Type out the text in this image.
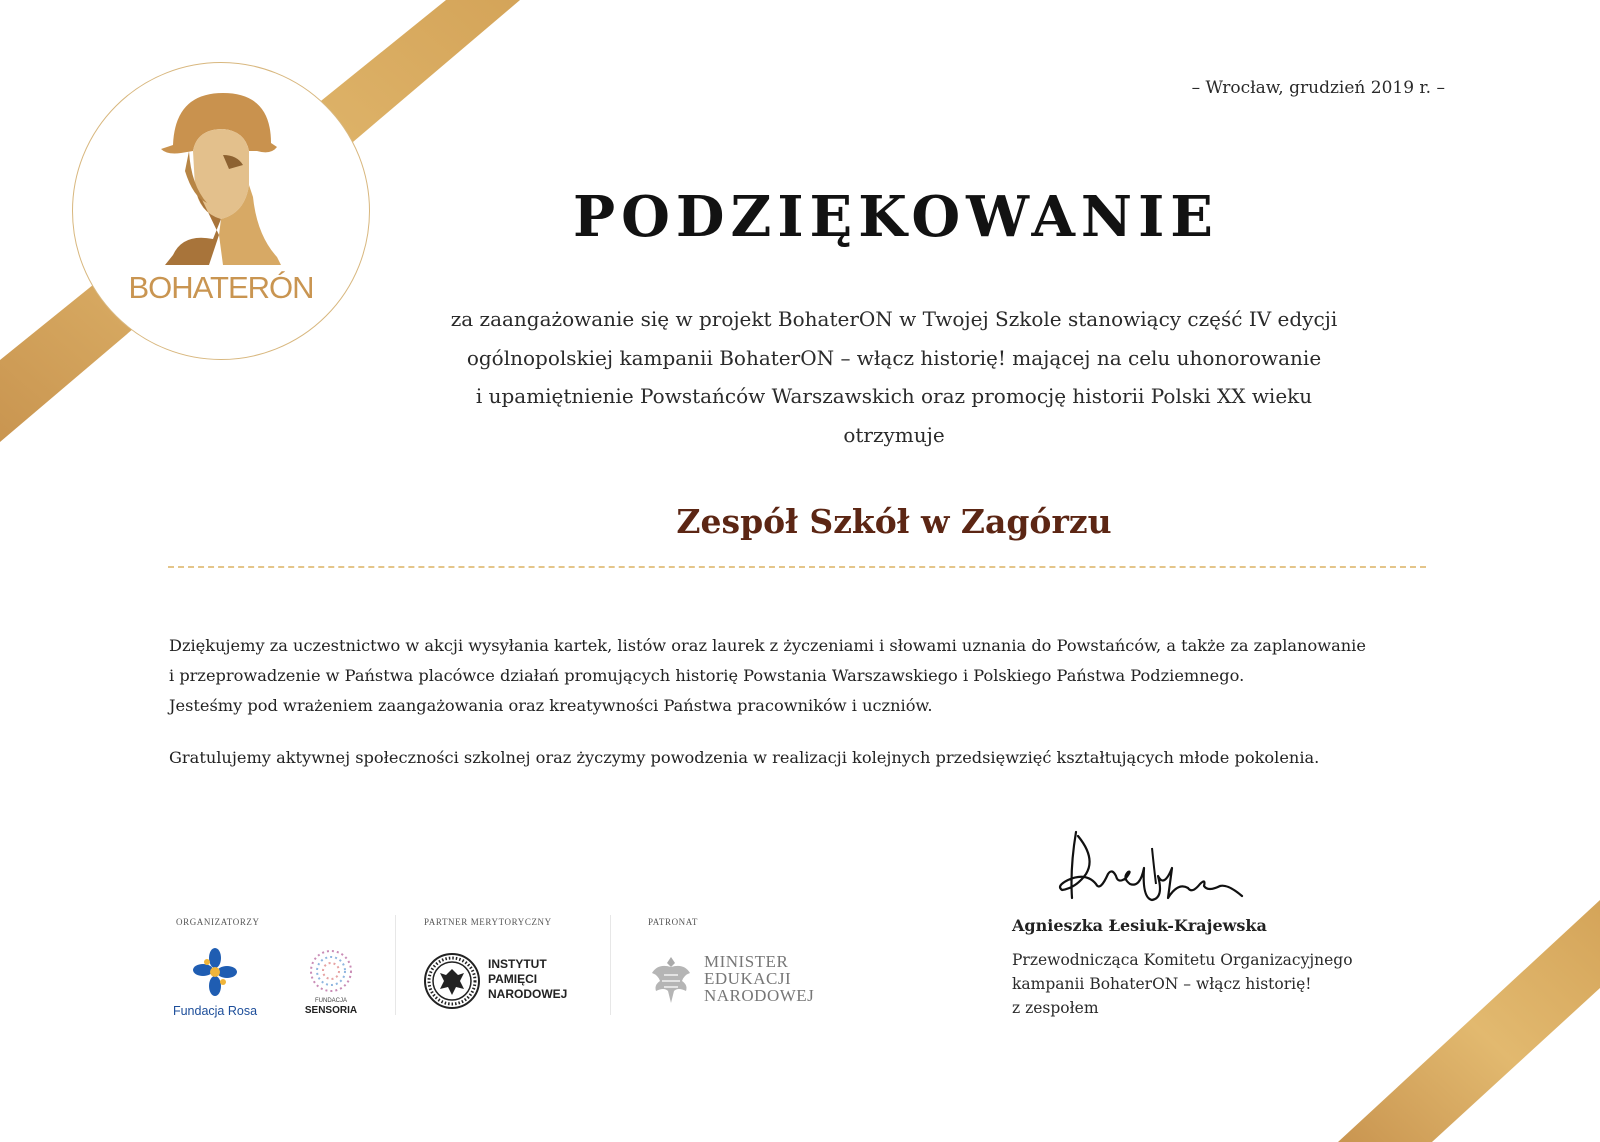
BOHATERÓN
– Wrocław, grudzień 2019 r. –
PODZIĘKOWANIE
za zaangażowanie się w projekt BohaterON w Twojej Szkole stanowiący część IV edycji
ogólnopolskiej kampanii BohaterON – włącz historię! mającej na celu uhonorowanie
i upamiętnienie Powstańców Warszawskich oraz promocję historii Polski XX wieku
otrzymuje
Zespół Szkół w Zagórzu

Dziękujemy za uczestnictwo w akcji wysyłania kartek, listów oraz laurek z życzeniami i słowami uznania do Powstańców, a także za zaplanowanie

i przeprowadzenie w Państwa placówce działań promujących historię Powstania Warszawskiego i Polskiego Państwa Podziemnego.

Jesteśmy pod wrażeniem zaangażowania oraz kreatywności Państwa pracowników i uczniów.

Gratulujemy aktywnej społeczności szkolnej oraz życzymy powodzenia w realizacji kolejnych przedsięwzięć kształtujących młode pokolenia.

ORGANIZATORZY	PARTNER MERYTORYCZNY	PATRONAT
Fundacja Rosa
FUNDACJA
SENSORIA
INSTYTUT
PAMIĘCI
NARODOWEJ
MINISTER
EDUKACJI
NARODOWEJ
Agnieszka Łesiuk-Krajewska
Przewodnicząca Komitetu Organizacyjnego
kampanii BohaterON – włącz historię!
z zespołem
